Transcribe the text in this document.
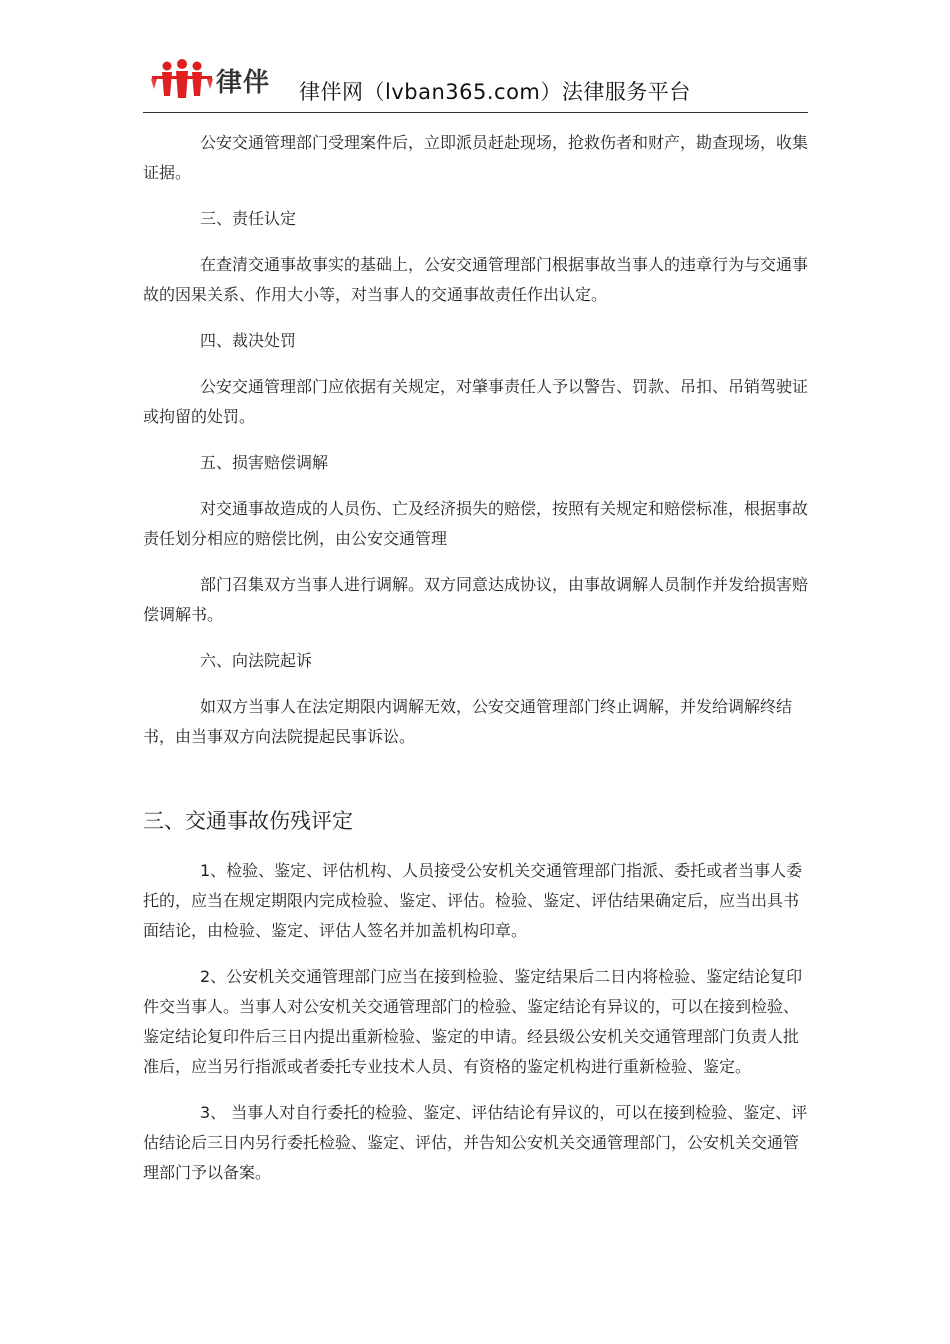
律伴 律伴网（lvban365.com）法律服务平台

公安交通管理部门受理案件后，立即派员赶赴现场，抢救伤者和财产，勘查现场，收集证据。

三、责任认定

在查清交通事故事实的基础上，公安交通管理部门根据事故当事人的违章行为与交通事故的因果关系、作用大小等，对当事人的交通事故责任作出认定。

四、裁决处罚

公安交通管理部门应依据有关规定，对肇事责任人予以警告、罚款、吊扣、吊销驾驶证或拘留的处罚。

五、损害赔偿调解

对交通事故造成的人员伤、亡及经济损失的赔偿，按照有关规定和赔偿标准，根据事故责任划分相应的赔偿比例，由公安交通管理

部门召集双方当事人进行调解。双方同意达成协议，由事故调解人员制作并发给损害赔偿调解书。

六、向法院起诉

如双方当事人在法定期限内调解无效，公安交通管理部门终止调解，并发给调解终结书，由当事双方向法院提起民事诉讼。

三、交通事故伤残评定

1、检验、鉴定、评估机构、人员接受公安机关交通管理部门指派、委托或者当事人委托的，应当在规定期限内完成检验、鉴定、评估。检验、鉴定、评估结果确定后，应当出具书面结论，由检验、鉴定、评估人签名并加盖机构印章。

2、公安机关交通管理部门应当在接到检验、鉴定结果后二日内将检验、鉴定结论复印件交当事人。当事人对公安机关交通管理部门的检验、鉴定结论有异议的，可以在接到检验、鉴定结论复印件后三日内提出重新检验、鉴定的申请。经县级公安机关交通管理部门负责人批准后，应当另行指派或者委托专业技术人员、有资格的鉴定机构进行重新检验、鉴定。

3、 当事人对自行委托的检验、鉴定、评估结论有异议的，可以在接到检验、鉴定、评估结论后三日内另行委托检验、鉴定、评估，并告知公安机关交通管理部门，公安机关交通管理部门予以备案。
